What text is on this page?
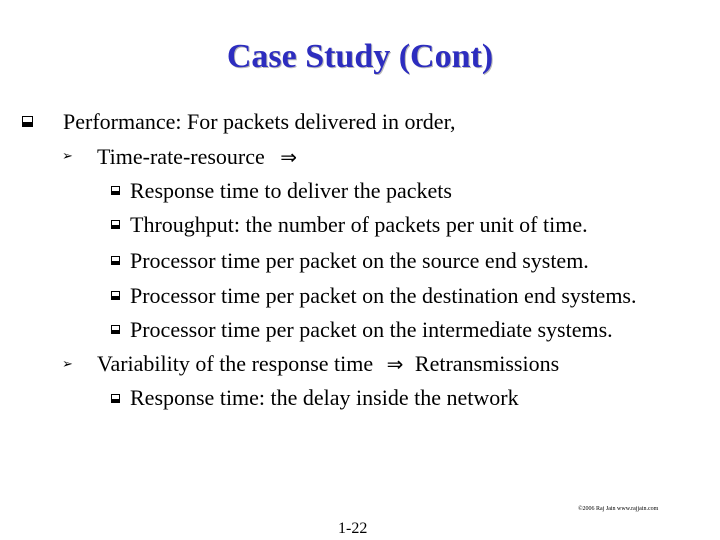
Case Study (Cont)
Performance: For packets delivered in order,
➢ Time-rate-resource ⇒
Response time to deliver the packets
Throughput: the number of packets per unit of time.
Processor time per packet on the source end system.
Processor time per packet on the destination end systems.
Processor time per packet on the intermediate systems.
➢ Variability of the response time ⇒ Retransmissions
Response time: the delay inside the network
©2006 Raj Jain www.rajjain.com
1-22
